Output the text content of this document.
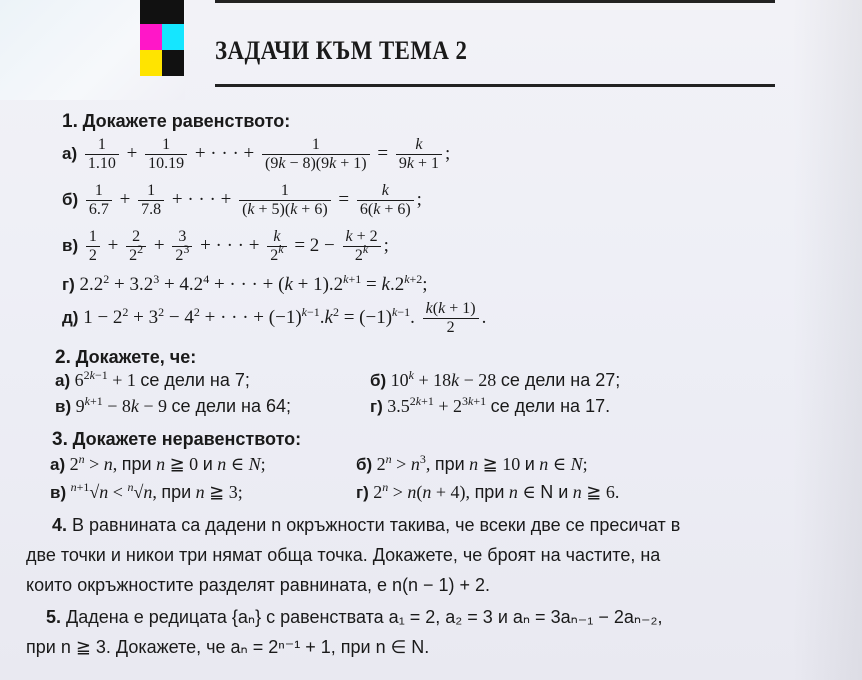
ЗАДАЧИ КЪМ ТЕМА 2
1. Докажете равенството:
$а) \frac{1}{1.10} + \frac{1}{10.19}$ + · · · + $\frac{1}{(9k - 8)(9k + 1)} = \frac{k}{9k + 1}$ ;
$б) \frac{1}{6.7} + \frac{1}{7.8}$ + · · · + $\frac{1}{(k + 5)(k + 6)} = \frac{k}{6(k + 6)}$ ;
$в) \frac{1}{2} + \frac{2}{2^2} + \frac{3}{2^3}$ + · · · + $\frac{k}{2^k} = 2 - \frac{k + 2}{2^k}$ ;
г) $2.2^2 + 3.2^3 + 4.2^4$ + · · · + $(k + 1).2^{k+1} = k.2^{k+2}$;
д) $1 - 2^2 + 3^2 - 4^2$ + · · · + $(-1)^{k-1}.k^2 = (-1)^{k-1}$. $\frac{k(k + 1)}{2}$ .
2. Докажете, че:
а) $6^{2k-1} + 1$ се дели на 7;	б) $10^k + 18k - 28$ се дели на 27;
в) $9^{k+1} - 8k - 9$ се дели на 64;	г) $3.5^{2k+1} + 2^{3k+1}$ се дели на 17.
3. Докажете неравенството:
а) $2^n > n$, при n ≧ 0 и n ∈ N;	б) $2^n > n^3$, при n ≧ 10 и n ∈ N;
в) $^{n+1}$√n < $^n$√n, при n ≧ 3;	г) $2^n > n(n + 4)$, при n ∈ N и n ≧ 6.
4. В равнината са дадени n окръжности такива, че всеки две се пресичат в
две точки и никои три нямат обща точка. Докажете, че броят на частите, на
които окръжностите разделят равнината, е n(n − 1) + 2.
5. Дадена е редицата {aₙ} с равенствата a₁ = 2, a₂ = 3 и aₙ = 3aₙ₋₁ − 2aₙ₋₂,
при n ≧ 3. Докажете, че aₙ = 2ⁿ⁻¹ + 1, при n ∈ N.
